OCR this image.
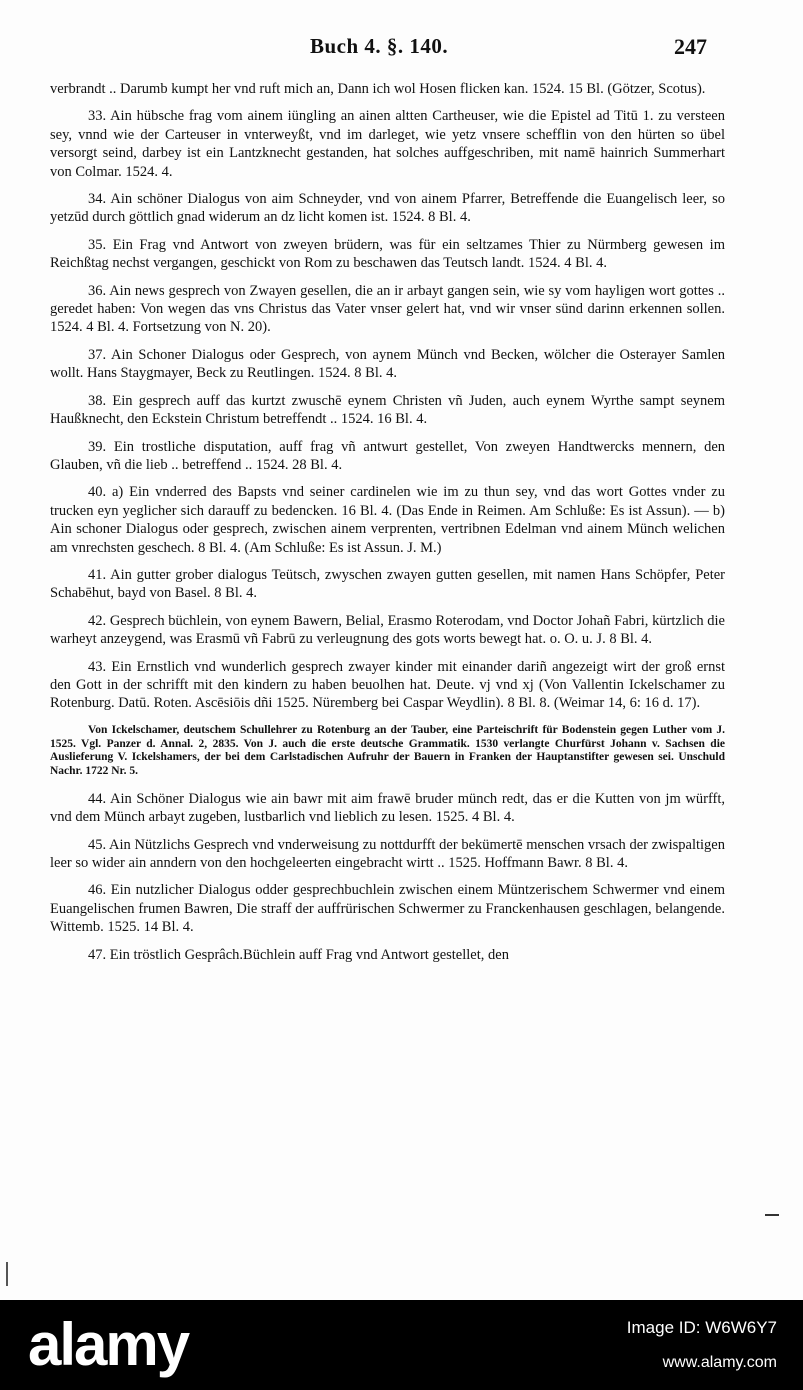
Buch 4. §. 140.	247

verbrandt .. Darumb kumpt her vnd ruft mich an, Dann ich wol Hosen flicken kan. 1524. 15 Bl. (Götzer, Scotus).

33. Ain hübsche frag vom ainem iüngling an ainen altten Cartheuser, wie die Epistel ad Titū 1. zu versteen sey, vnnd wie der Carteuser in vnterweyßt, vnd im darleget, wie yetz vnsere schefflin von den hürten so übel versorgt seind, darbey ist ein Lantzknecht gestanden, hat solches auffgeschriben, mit namē hainrich Summerhart von Colmar. 1524. 4.

34. Ain schöner Dialogus von aim Schneyder, vnd von ainem Pfarrer, Betreffende die Euangelisch leer, so yetzūd durch göttlich gnad widerum an dz licht komen ist. 1524. 8 Bl. 4.

35. Ein Frag vnd Antwort von zweyen brüdern, was für ein seltzames Thier zu Nürmberg gewesen im Reichßtag nechst vergangen, geschickt von Rom zu beschawen das Teutsch landt. 1524. 4 Bl. 4.

36. Ain news gesprech von Zwayen gesellen, die an ir arbayt gangen sein, wie sy vom hayligen wort gottes .. geredet haben: Von wegen das vns Christus das Vater vnser gelert hat, vnd wir vnser sünd darinn erkennen sollen. 1524. 4 Bl. 4. Fortsetzung von N. 20).

37. Ain Schoner Dialogus oder Gesprech, von aynem Münch vnd Becken, wölcher die Osterayer Samlen wollt. Hans Staygmayer, Beck zu Reutlingen. 1524. 8 Bl. 4.

38. Ein gesprech auff das kurtzt zwuschē eynem Christen vñ Juden, auch eynem Wyrthe sampt seynem Haußknecht, den Eckstein Christum betreffendt .. 1524. 16 Bl. 4.

39. Ein trostliche disputation, auff frag vñ antwurt gestellet, Von zweyen Handtwercks mennern, den Glauben, vñ die lieb .. betreffend .. 1524. 28 Bl. 4.

40. a) Ein vnderred des Bapsts vnd seiner cardinelen wie im zu thun sey, vnd das wort Gottes vnder zu trucken eyn yeglicher sich darauff zu bedencken. 16 Bl. 4. (Das Ende in Reimen. Am Schluße: Es ist Assun). — b) Ain schoner Dialogus oder gesprech, zwischen ainem verprenten, vertribnen Edelman vnd ainem Münch welichen am vnrechsten geschech. 8 Bl. 4. (Am Schluße: Es ist Assun. J. M.)

41. Ain gutter grober dialogus Teütsch, zwyschen zwayen gutten gesellen, mit namen Hans Schöpfer, Peter Schabēhut, bayd von Basel. 8 Bl. 4.

42. Gesprech büchlein, von eynem Bawern, Belial, Erasmo Roterodam, vnd Doctor Johañ Fabri, kürtzlich die warheyt anzeygend, was Erasmū vñ Fabrū zu verleugnung des gots worts bewegt hat. o. O. u. J. 8 Bl. 4.

43. Ein Ernstlich vnd wunderlich gesprech zwayer kinder mit einander dariñ angezeigt wirt der groß ernst den Gott in der schrifft mit den kindern zu haben beuolhen hat. Deute. vj vnd xj (Von Vallentin Ickelschamer zu Rotenburg. Datū. Roten. Ascēsiōis dñi 1525. Nüremberg bei Caspar Weydlin). 8 Bl. 8. (Weimar 14, 6: 16 d. 17).

Von Ickelschamer, deutschem Schullehrer zu Rotenburg an der Tauber, eine Parteischrift für Bodenstein gegen Luther vom J. 1525. Vgl. Panzer d. Annal. 2, 2835. Von J. auch die erste deutsche Grammatik. 1530 verlangte Churfürst Johann v. Sachsen die Auslieferung V. Ickelshamers, der bei dem Carlstadischen Aufruhr der Bauern in Franken der Hauptanstifter gewesen sei. Unschuld Nachr. 1722 Nr. 5.

44. Ain Schöner Dialogus wie ain bawr mit aim frawē bruder münch redt, das er die Kutten von jm würfft, vnd dem Münch arbayt zugeben, lustbarlich vnd lieblich zu lesen. 1525. 4 Bl. 4.

45. Ain Nützlichs Gesprech vnd vnderweisung zu nottdurfft der bekümertē menschen vrsach der zwispaltigen leer so wider ain anndern von den hochgeleerten eingebracht wirtt .. 1525. Hoffmann Bawr. 8 Bl. 4.

46. Ein nutzlicher Dialogus odder gesprechbuchlein zwischen einem Müntzerischem Schwermer vnd einem Euangelischen frumen Bawren, Die straff der auffrürischen Schwermer zu Franckenhausen geschlagen, belangende. Wittemb. 1525. 14 Bl. 4.

47. Ein tröstlich Gesprâch.Büchlein auff Frag vnd Antwort gestellet, den

alamy	Image ID: W6W6Y7
www.alamy.com
